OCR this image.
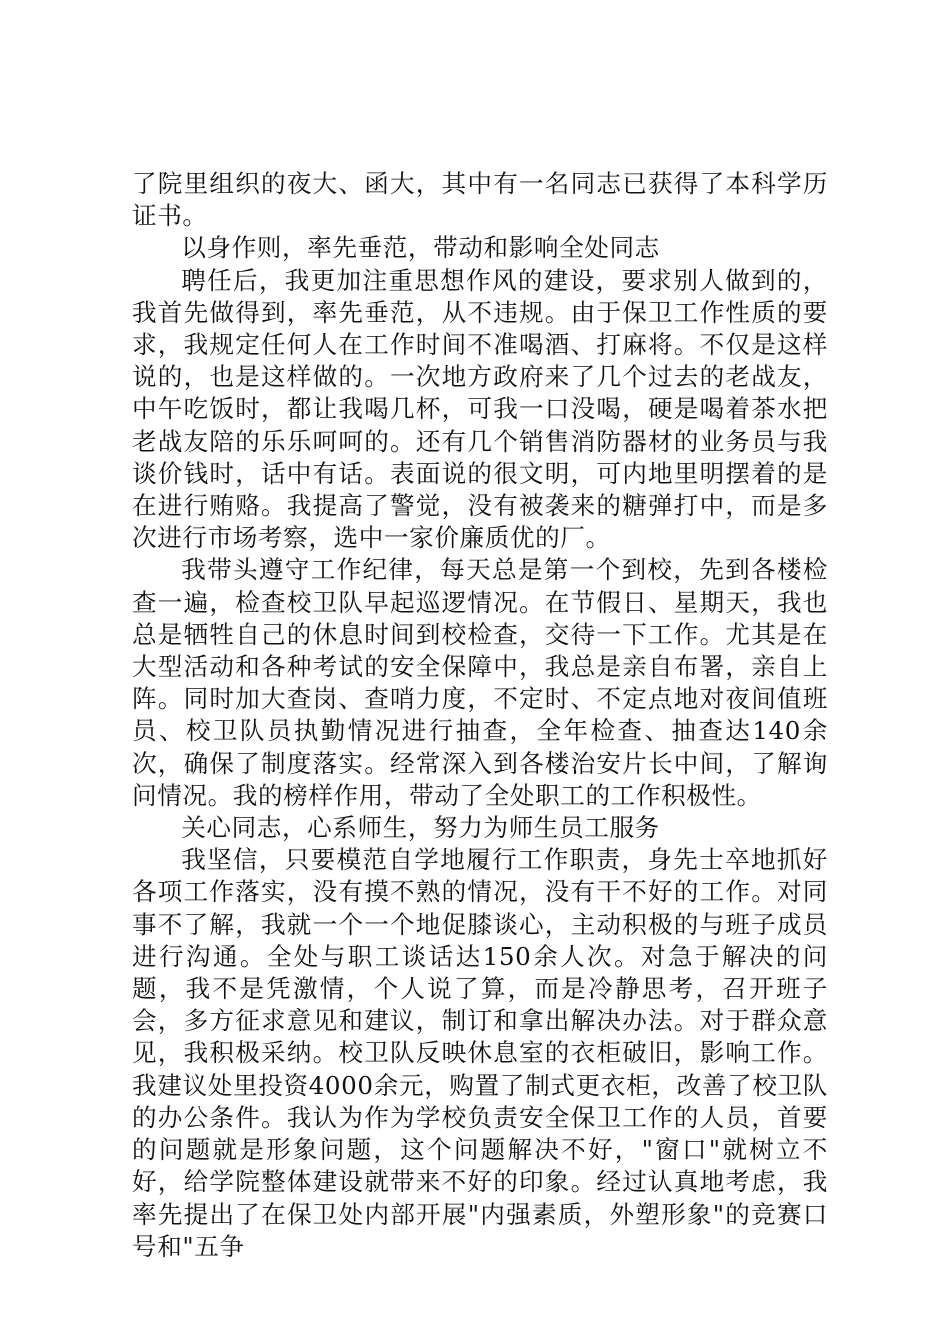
了院里组织的夜大、函大，其中有一名同志已获得了本科学历证书。

以身作则，率先垂范，带动和影响全处同志

聘任后，我更加注重思想作风的建设，要求别人做到的，我首先做得到，率先垂范，从不违规。由于保卫工作性质的要求，我规定任何人在工作时间不准喝酒、打麻将。不仅是这样说的，也是这样做的。一次地方政府来了几个过去的老战友，中午吃饭时，都让我喝几杯，可我一口没喝，硬是喝着茶水把老战友陪的乐乐呵呵的。还有几个销售消防器材的业务员与我谈价钱时，话中有话。表面说的很文明，可内地里明摆着的是在进行贿赂。我提高了警觉，没有被袭来的糖弹打中，而是多次进行市场考察，选中一家价廉质优的厂。

我带头遵守工作纪律，每天总是第一个到校，先到各楼检查一遍，检查校卫队早起巡逻情况。在节假日、星期天，我也总是牺牲自己的休息时间到校检查，交待一下工作。尤其是在大型活动和各种考试的安全保障中，我总是亲自布署，亲自上阵。同时加大查岗、查哨力度，不定时、不定点地对夜间值班员、校卫队员执勤情况进行抽查，全年检查、抽查达140余次，确保了制度落实。经常深入到各楼治安片长中间，了解询问情况。我的榜样作用，带动了全处职工的工作积极性。

关心同志，心系师生，努力为师生员工服务

我坚信，只要模范自学地履行工作职责，身先士卒地抓好各项工作落实，没有摸不熟的情况，没有干不好的工作。对同事不了解，我就一个一个地促膝谈心，主动积极的与班子成员进行沟通。全处与职工谈话达150余人次。对急于解决的问题，我不是凭激情，个人说了算，而是冷静思考，召开班子会，多方征求意见和建议，制订和拿出解决办法。对于群众意见，我积极采纳。校卫队反映休息室的衣柜破旧，影响工作。我建议处里投资4000余元，购置了制式更衣柜，改善了校卫队的办公条件。我认为作为学校负责安全保卫工作的人员，首要的问题就是形象问题，这个问题解决不好，"窗口"就树立不好，给学院整体建设就带来不好的印象。经过认真地考虑，我率先提出了在保卫处内部开展"内强素质，外塑形象"的竞赛口号和"五争
